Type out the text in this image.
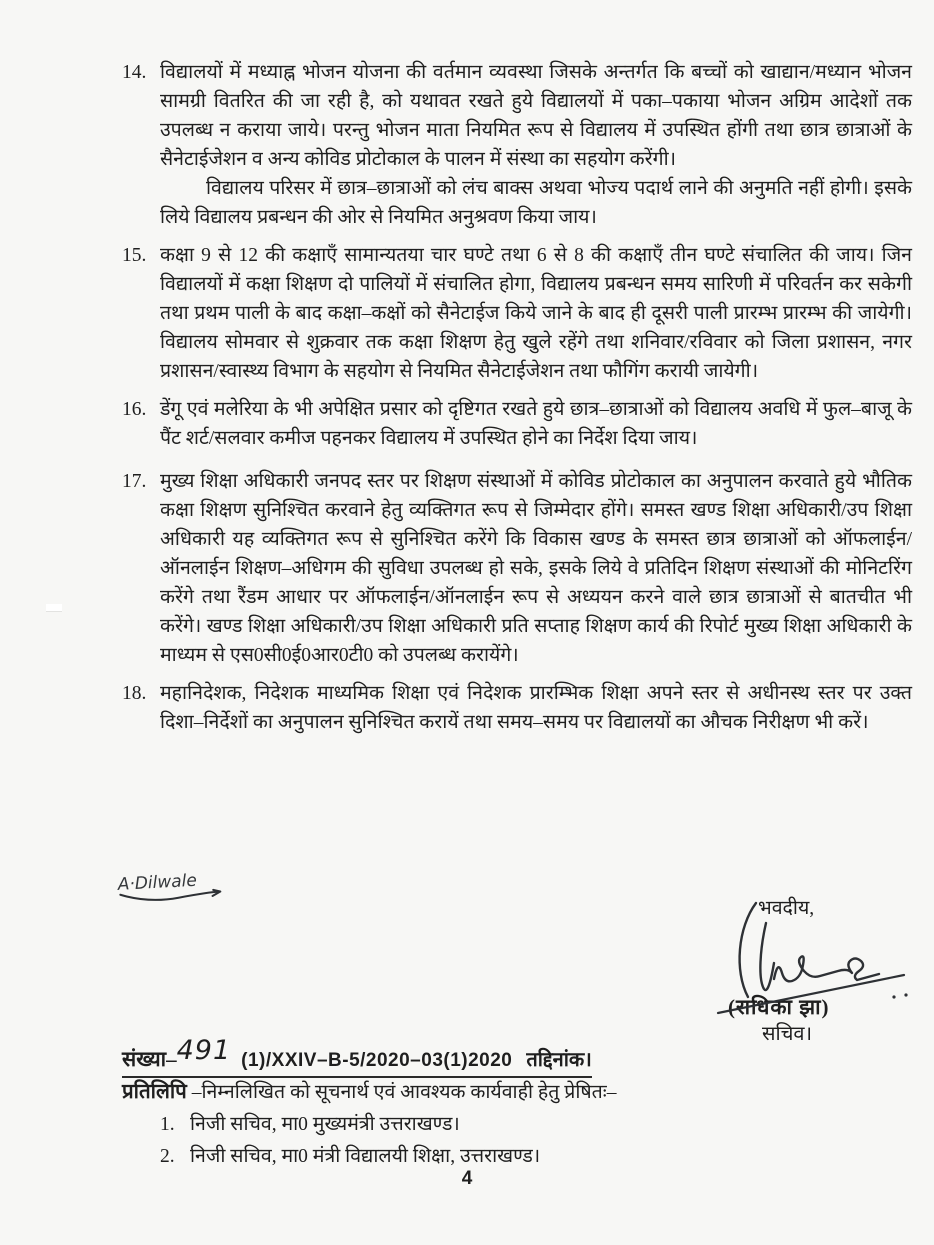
14. विद्यालयों में मध्याह्न भोजन योजना की वर्तमान व्यवस्था जिसके अन्तर्गत कि बच्चों को खाद्यान/मध्यान भोजन सामग्री वितरित की जा रही है, को यथावत रखते हुये विद्यालयों में पका–पकाया भोजन अग्रिम आदेशों तक उपलब्ध न कराया जाये। परन्तु भोजन माता नियमित रूप से विद्यालय में उपस्थित होंगी तथा छात्र छात्राओं के सैनेटाईजेशन व अन्य कोविड प्रोटोकाल के पालन में संस्था का सहयोग करेंगी।

विद्यालय परिसर में छात्र–छात्राओं को लंच बाक्स अथवा भोज्य पदार्थ लाने की अनुमति नहीं होगी। इसके लिये विद्यालय प्रबन्धन की ओर से नियमित अनुश्रवण किया जाय।

15. कक्षा 9 से 12 की कक्षाएँ सामान्यतया चार घण्टे तथा 6 से 8 की कक्षाएँ तीन घण्टे संचालित की जाय। जिन विद्यालयों में कक्षा शिक्षण दो पालियों में संचालित होगा, विद्यालय प्रबन्धन समय सारिणी में परिवर्तन कर सकेगी तथा प्रथम पाली के बाद कक्षा–कक्षों को सैनेटाईज किये जाने के बाद ही दूसरी पाली प्रारम्भ प्रारम्भ की जायेगी। विद्यालय सोमवार से शुक्रवार तक कक्षा शिक्षण हेतु खुले रहेंगे तथा शनिवार/रविवार को जिला प्रशासन, नगर प्रशासन/स्वास्थ्य विभाग के सहयोग से नियमित सैनेटाईजेशन तथा फौगिंग करायी जायेगी।
16. डेंगू एवं मलेरिया के भी अपेक्षित प्रसार को दृष्टिगत रखते हुये छात्र–छात्राओं को विद्यालय अवधि में फुल–बाजू के पैंट शर्ट/सलवार कमीज पहनकर विद्यालय में उपस्थित होने का निर्देश दिया जाय।
17. मुख्य शिक्षा अधिकारी जनपद स्तर पर शिक्षण संस्थाओं में कोविड प्रोटोकाल का अनुपालन करवाते हुये भौतिक कक्षा शिक्षण सुनिश्चित करवाने हेतु व्यक्तिगत रूप से जिम्मेदार होंगे। समस्त खण्ड शिक्षा अधिकारी/उप शिक्षा अधिकारी यह व्यक्तिगत रूप से सुनिश्चित करेंगे कि विकास खण्ड के समस्त छात्र छात्राओं को ऑफलाईन/ऑनलाईन शिक्षण–अधिगम की सुविधा उपलब्ध हो सके, इसके लिये वे प्रतिदिन शिक्षण संस्थाओं की मोनिटरिंग करेंगे तथा रैंडम आधार पर ऑफलाईन/ऑनलाईन रूप से अध्ययन करने वाले छात्र छात्राओं से बातचीत भी करेंगे। खण्ड शिक्षा अधिकारी/उप शिक्षा अधिकारी प्रति सप्ताह शिक्षण कार्य की रिपोर्ट मुख्य शिक्षा अधिकारी के माध्यम से एस0सी0ई0आर0टी0 को उपलब्ध करायेंगे।
18. महानिदेशक, निदेशक माध्यमिक शिक्षा एवं निदेशक प्रारम्भिक शिक्षा अपने स्तर से अधीनस्थ स्तर पर उक्त दिशा–निर्देशों का अनुपालन सुनिश्चित करायें तथा समय–समय पर विद्यालयों का औचक निरीक्षण भी करें।
A·Dilwale
भवदीय,
(राधिका झा)
सचिव।
संख्या–491 (1)/XXIV–B-5/2020–03(1)2020 तद्दिनांक।
प्रतिलिपि –निम्नलिखित को सूचनार्थ एवं आवश्यक कार्यवाही हेतु प्रेषितः–
1. निजी सचिव, मा0 मुख्यमंत्री उत्तराखण्ड।
2. निजी सचिव, मा0 मंत्री विद्यालयी शिक्षा, उत्तराखण्ड।
4
